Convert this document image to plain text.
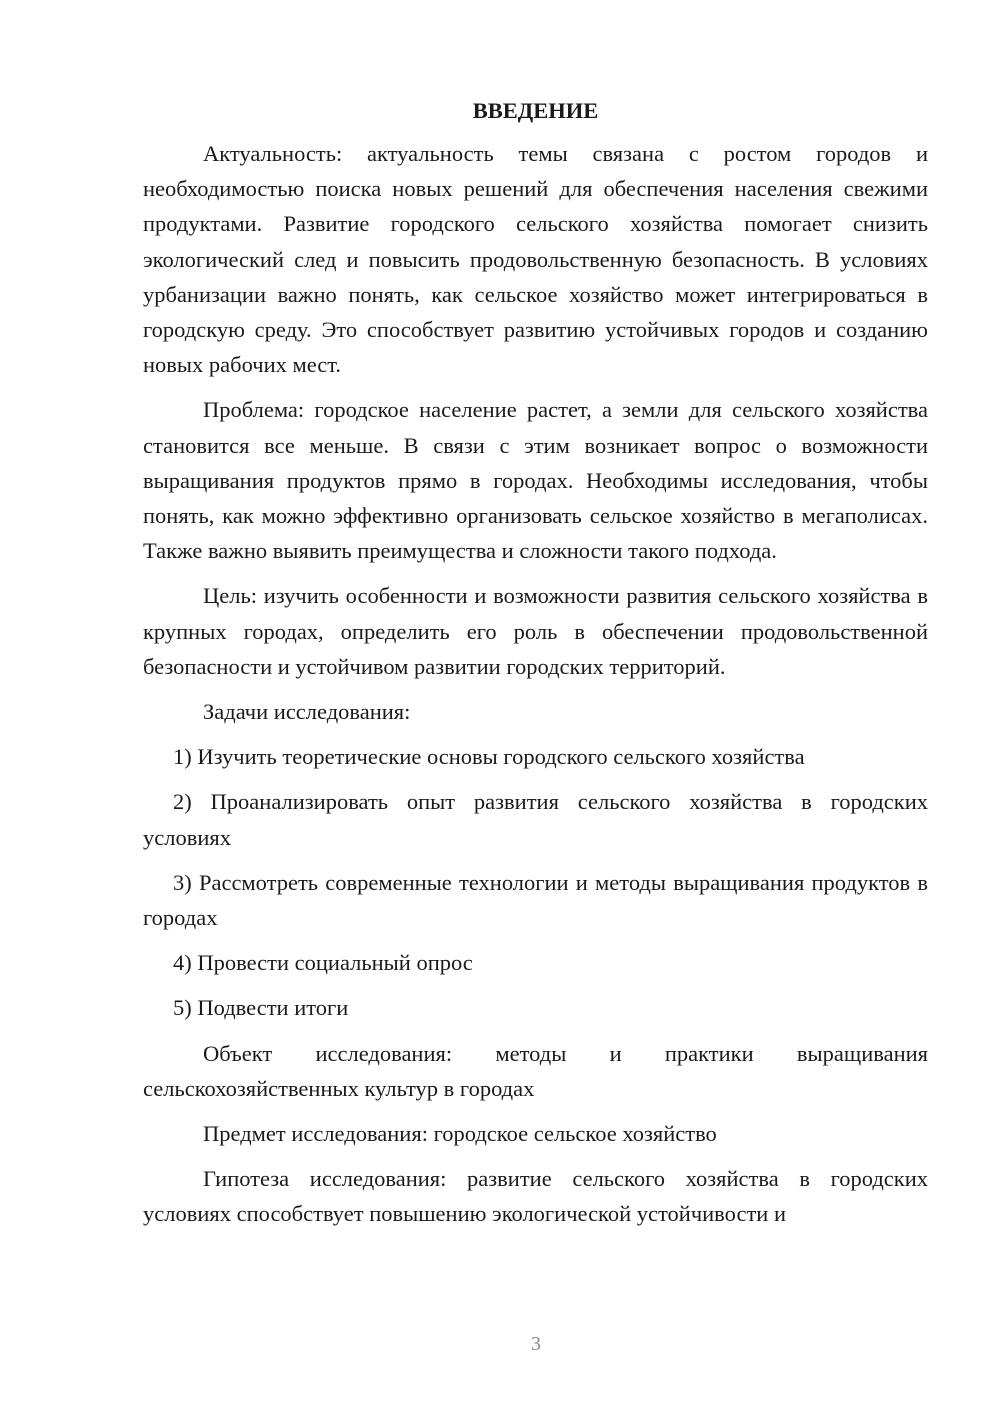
ВВЕДЕНИЕ

Актуальность: актуальность темы связана с ростом городов и необходимостью поиска новых решений для обеспечения населения свежими продуктами. Развитие городского сельского хозяйства помогает снизить экологический след и повысить продовольственную безопасность. В условиях урбанизации важно понять, как сельское хозяйство может интегрироваться в городскую среду. Это способствует развитию устойчивых городов и созданию новых рабочих мест.

Проблема: городское население растет, а земли для сельского хозяйства становится все меньше. В связи с этим возникает вопрос о возможности выращивания продуктов прямо в городах. Необходимы исследования, чтобы понять, как можно эффективно организовать сельское хозяйство в мегаполисах. Также важно выявить преимущества и сложности такого подхода.

Цель: изучить особенности и возможности развития сельского хозяйства в крупных городах, определить его роль в обеспечении продовольственной безопасности и устойчивом развитии городских территорий.

Задачи исследования:

1) Изучить теоретические основы городского сельского хозяйства

2) Проанализировать опыт развития сельского хозяйства в городских условиях

3) Рассмотреть современные технологии и методы выращивания продуктов в городах

4) Провести социальный опрос

5) Подвести итоги

Объект исследования: методы и практики выращивания сельскохозяйственных культур в городах

Предмет исследования: городское сельское хозяйство

Гипотеза исследования: развитие сельского хозяйства в городских условиях способствует повышению экологической устойчивости и

3
